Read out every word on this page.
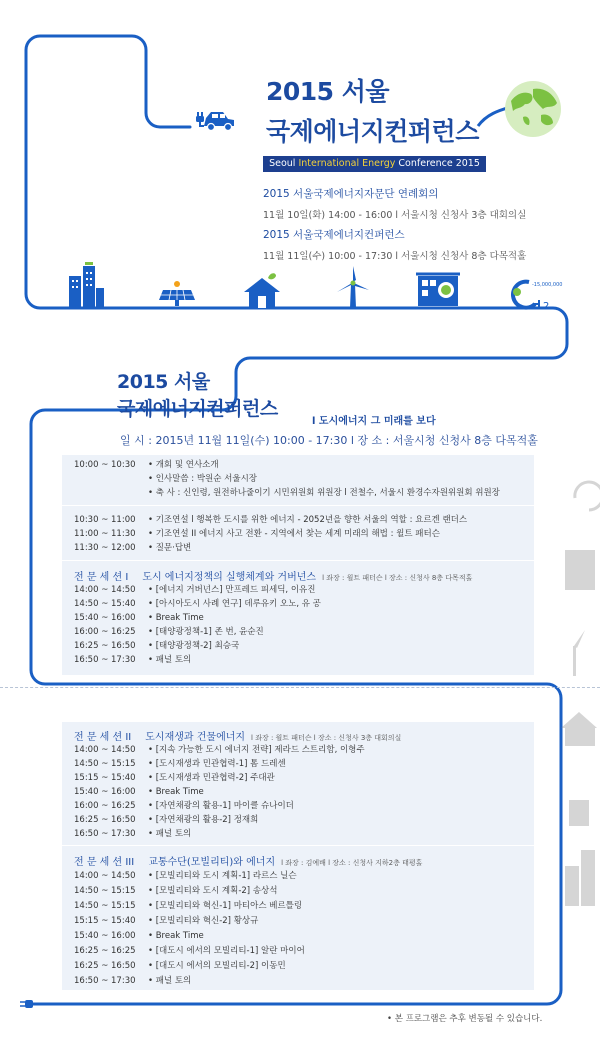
2015 서울
국제에너지컨퍼런스
Seoul International Energy Conference 2015
2015 서울국제에너지자문단 연례회의
11월 10일(화) 14:00 - 16:00 l 서울시청 신청사 3층 대회의실
2015 서울국제에너지컨퍼런스
11월 11일(수) 10:00 - 17:30 l 서울시청 신청사 8층 다목적홀
2
-15,000,000
2015 서울
국제에너지컨퍼런스
l 도시에너지 그 미래를 보다
일 시 : 2015년 11월 11일(수) 10:00 - 17:30 l 장 소 : 서울시청 신청사 8층 다목적홀
10:00 ~ 10:30	• 개회 및 연사소개
• 인사말씀 : 박원순 서울시장
• 축 사 : 신인령, 원전하나줄이기 시민위원회 위원장 l 전철수, 서울시 환경수자원위원회 위원장
10:30 ~ 11:00	• 기조연설 l 행복한 도시를 위한 에너지 - 2052년을 향한 서울의 역할 : 요르겐 랜더스
11:00 ~ 11:30	• 기조연설 II 에너지 사고 전환 - 지역에서 찾는 세계 미래의 해법 : 윌트 패터슨
11:30 ~ 12:00	• 질문·답변
전 문 세 션 I 도시 에너지정책의 실행체계와 거버넌스 l 좌장 : 윌트 패터슨 l 장소 : 신청사 8층 다목적홀
14:00 ~ 14:50	• [에너지 거버넌스] 만프레드 피세딕, 이유진
14:50 ~ 15:40	• [아시아도시 사례 연구] 데루유키 오노, 유 공
15:40 ~ 16:00	• Break Time
16:00 ~ 16:25	• [태양광정책-1] 존 번, 윤순진
16:25 ~ 16:50	• [태양광정책-2] 최승국
16:50 ~ 17:30	• 패널 토의
전 문 세 션 II 도시재생과 건물에너지 l 좌장 : 윌트 패터슨 l 장소 : 신청사 3층 대회의실
14:00 ~ 14:50	• [지속 가능한 도시 에너지 전략] 제라드 스트리함, 이형주
14:50 ~ 15:15	• [도시재생과 민관협력-1] 톰 드레센
15:15 ~ 15:40	• [도시재생과 민관협력-2] 주대관
15:40 ~ 16:00	• Break Time
16:00 ~ 16:25	• [자연채광의 활용-1] 마이클 슈나이더
16:25 ~ 16:50	• [자연채광의 활용-2] 정재희
16:50 ~ 17:30	• 패널 토의
전 문 세 션 III 교통수단(모빌리티)와 에너지 l 좌장 : 김예배 l 장소 : 신청사 지하2층 태평홀
14:00 ~ 14:50	• [모빌리티와 도시 계획-1] 라르스 닐슨
14:50 ~ 15:15	• [모빌리티와 도시 계획-2] 송상석
14:50 ~ 15:15	• [모빌리티와 혁신-1] 마티아스 베르틀링
15:15 ~ 15:40	• [모빌리티와 혁신-2] 황상규
15:40 ~ 16:00	• Break Time
16:25 ~ 16:25	• [대도시 에서의 모빌리티-1] 알란 마이어
16:25 ~ 16:50	• [대도시 에서의 모빌리티-2] 이동민
16:50 ~ 17:30	• 패널 토의
• 본 프로그램은 추후 변동될 수 있습니다.
